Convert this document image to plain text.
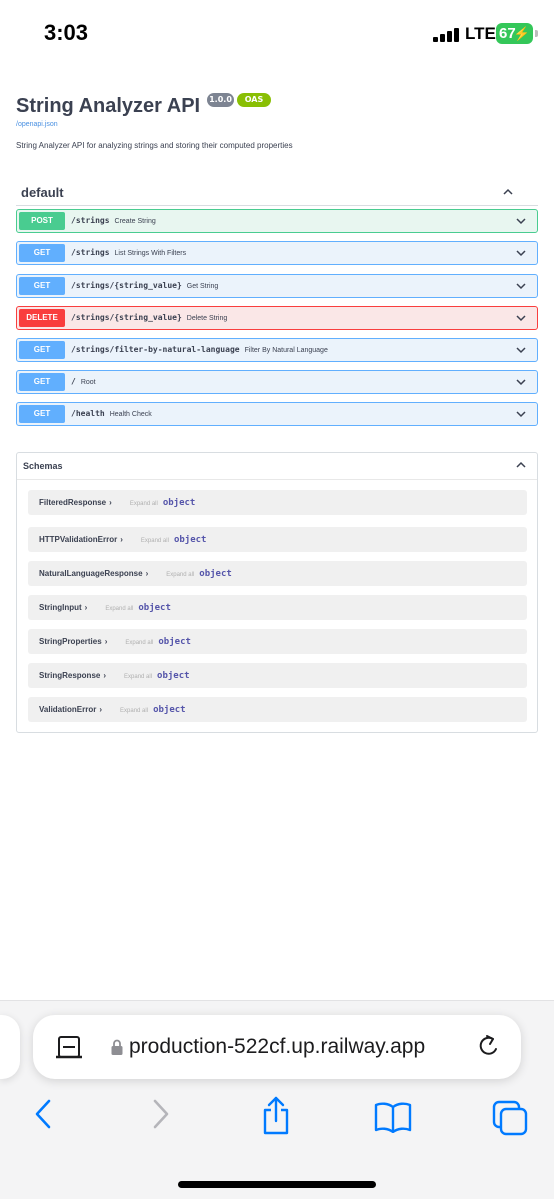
3:03	LTE 67
⚡
String Analyzer API 1.0.0	OAS 3.1
/openapi.json
String Analyzer API for analyzing strings and storing their computed properties
default
POST	/strings Create String
GET	/strings List Strings With Filters
GET	/strings/{string_value} Get String
DELETE	/strings/{string_value} Delete String
GET	/strings/filter-by-natural-language Filter By Natural Language
GET	/ Root
GET	/health Health Check
Schemas
FilteredResponse ›	Expand all object
HTTPValidationError ›	Expand all object
NaturalLanguageResponse ›	Expand all object
StringInput ›	Expand all object
StringProperties ›	Expand all object
StringResponse ›	Expand all object
ValidationError ›	Expand all object
production-522cf.up.railway.app
